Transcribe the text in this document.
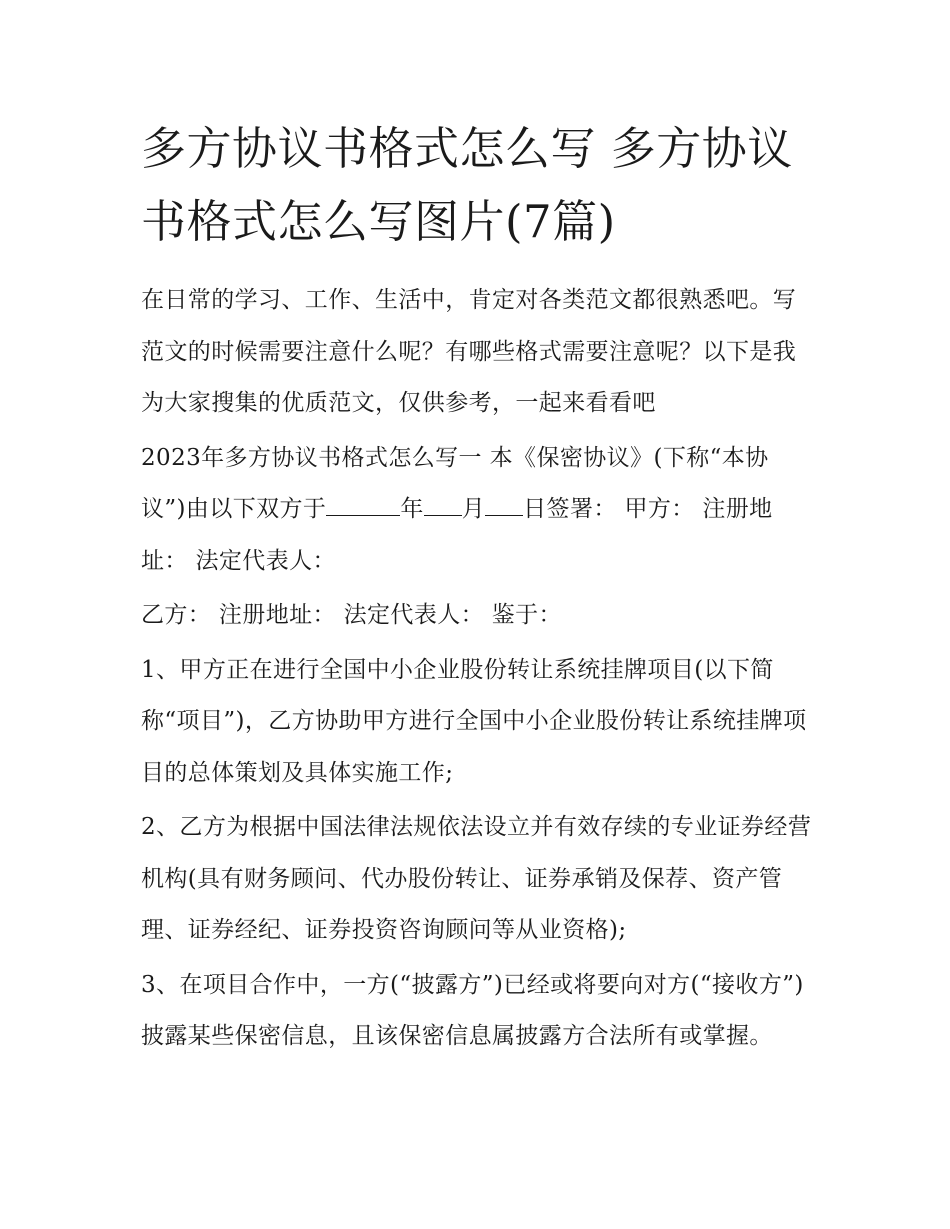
多方协议书格式怎么写 多方协议书格式怎么写图片(7篇)

在日常的学习、工作、生活中，肯定对各类范文都很熟悉吧。写范文的时候需要注意什么呢？有哪些格式需要注意呢？以下是我为大家搜集的优质范文，仅供参考，一起来看看吧

2023年多方协议书格式怎么写一 本《保密协议》(下称“本协议”)由以下双方于	年 月 日签署： 甲方： 注册地址： 法定代表人：

乙方： 注册地址： 法定代表人： 鉴于：

1、甲方正在进行全国中小企业股份转让系统挂牌项目(以下简称“项目”)，乙方协助甲方进行全国中小企业股份转让系统挂牌项目的总体策划及具体实施工作;

2、乙方为根据中国法律法规依法设立并有效存续的专业证券经营机构(具有财务顾问、代办股份转让、证券承销及保荐、资产管理、证券经纪、证券投资咨询顾问等从业资格);

3、在项目合作中，一方(“披露方”)已经或将要向对方(“接收方”)披露某些保密信息，且该保密信息属披露方合法所有或掌握。
